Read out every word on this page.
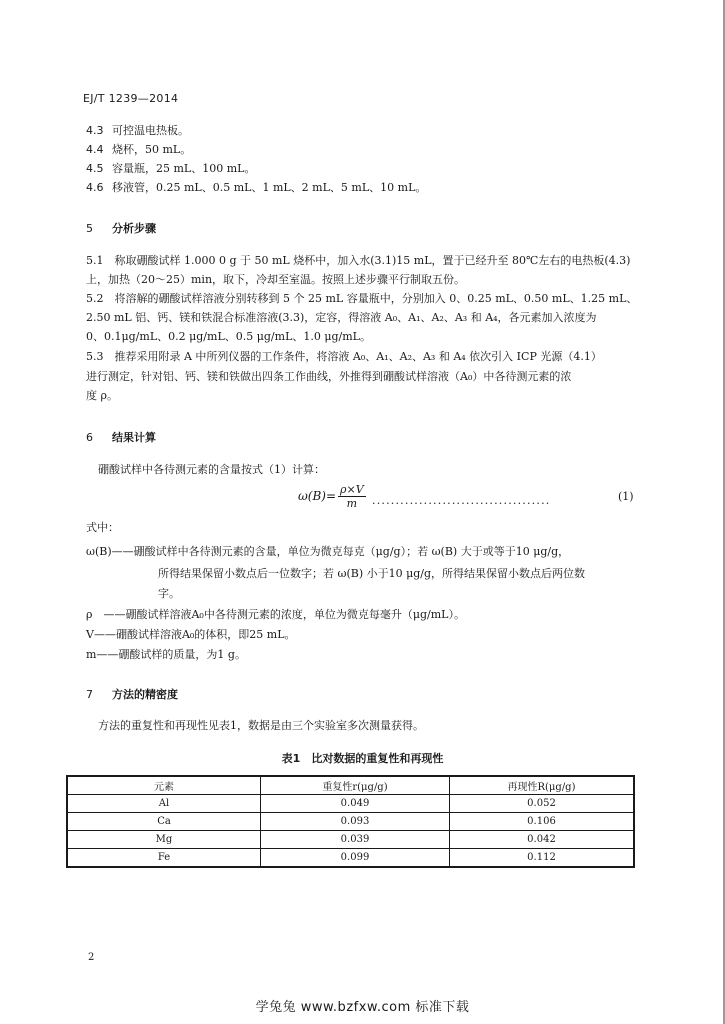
EJ/T 1239—2014
4.3 可控温电热板。
4.4 烧杯，50 mL。
4.5 容量瓶，25 mL、100 mL。
4.6 移液管，0.25 mL、0.5 mL、1 mL、2 mL、5 mL、10 mL。
5 分析步骤
5.1　称取硼酸试样 1.000 0 g 于 50 mL 烧杯中，加入水(3.1)15 mL，置于已经升至 80℃左右的电热板(4.3)
上，加热（20～25）min，取下，冷却至室温。按照上述步骤平行制取五份。
5.2　将溶解的硼酸试样溶液分别转移到 5 个 25 mL 容量瓶中，分别加入 0、0.25 mL、0.50 mL、1.25 mL、
2.50 mL 铝、钙、镁和铁混合标准溶液(3.3)，定容，得溶液 A₀、A₁、A₂、A₃ 和 A₄，各元素加入浓度为
0、0.1μg/mL、0.2 μg/mL、0.5 μg/mL、1.0 μg/mL。
5.3　推荐采用附录 A 中所列仪器的工作条件，将溶液 A₀、A₁、A₂、A₃ 和 A₄ 依次引入 ICP 光源（4.1）
进行测定，针对铝、钙、镁和铁做出四条工作曲线，外推得到硼酸试样溶液（A₀）中各待测元素的浓
度 ρ。
6 结果计算
硼酸试样中各待测元素的含量按式（1）计算：
$\omega(B)= \frac{\rho\times V}{m}$ ......................................	(1)
式中：
ω(B)——硼酸试样中各待测元素的含量，单位为微克每克（μg/g）；若 ω(B) 大于或等于10 μg/g，
所得结果保留小数点后一位数字；若 ω(B) 小于10 μg/g，所得结果保留小数点后两位数
字。
ρ　——硼酸试样溶液A₀中各待测元素的浓度，单位为微克每毫升（μg/mL）。
V——硼酸试样溶液A₀的体积，即25 mL。
m——硼酸试样的质量，为1 g。
7 方法的精密度
方法的重复性和再现性见表1，数据是由三个实验室多次测量获得。
表1　比对数据的重复性和再现性
元素	重复性r(μg/g)	再现性R(μg/g)
Al	0.049	0.052
Ca	0.093	0.106
Mg	0.039	0.042
Fe	0.099	0.112
2
学兔兔 www.bzfxw.com 标准下载
